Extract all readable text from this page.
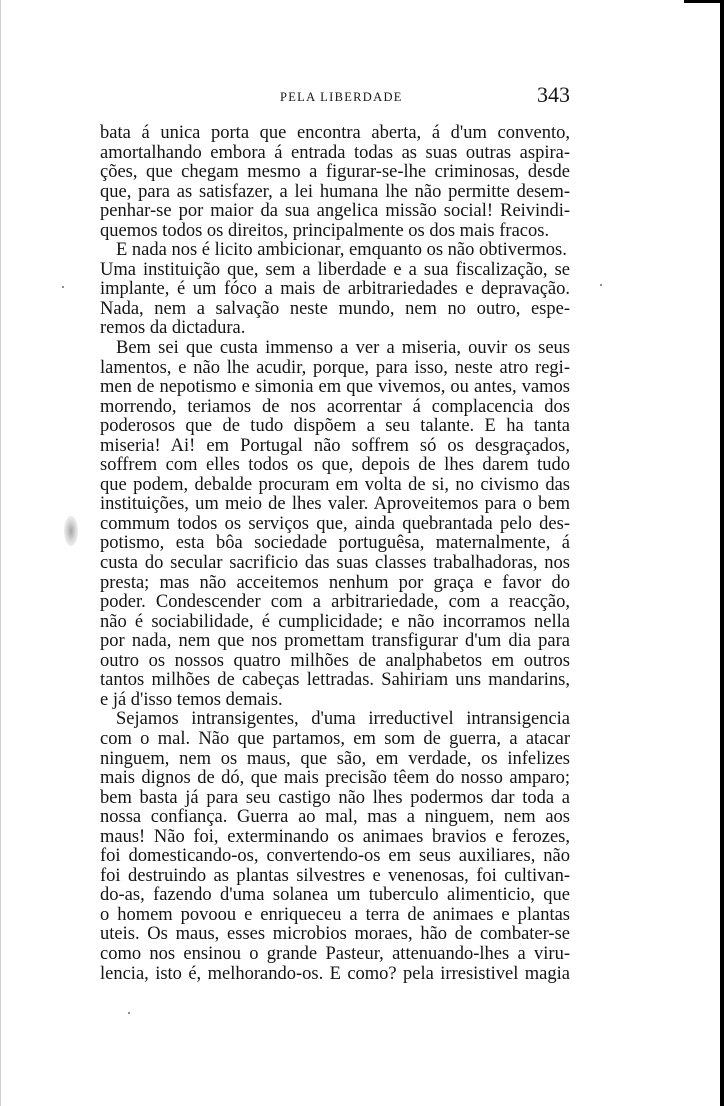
PELA LIBERDADE	343
bata á unica porta que encontra aberta, á d'um convento,
amortalhando embora á entrada todas as suas outras aspira-
ções, que chegam mesmo a figurar-se-lhe criminosas, desde
que, para as satisfazer, a lei humana lhe não permitte desem-
penhar-se por maior da sua angelica missão social! Reivindi-
quemos todos os direitos, principalmente os dos mais fracos.
E nada nos é licito ambicionar, emquanto os não obtivermos.
Uma instituição que, sem a liberdade e a sua fiscalização, se
implante, é um fóco a mais de arbitrariedades e depravação.
Nada, nem a salvação neste mundo, nem no outro, espe-
remos da dictadura.
Bem sei que custa immenso a ver a miseria, ouvir os seus
lamentos, e não lhe acudir, porque, para isso, neste atro regi-
men de nepotismo e simonia em que vivemos, ou antes, vamos
morrendo, teriamos de nos acorrentar á complacencia dos
poderosos que de tudo dispõem a seu talante. E ha tanta
miseria! Ai! em Portugal não soffrem só os desgraçados,
soffrem com elles todos os que, depois de lhes darem tudo
que podem, debalde procuram em volta de si, no civismo das
instituições, um meio de lhes valer. Aproveitemos para o bem
commum todos os serviços que, ainda quebrantada pelo des-
potismo, esta bôa sociedade portuguêsa, maternalmente, á
custa do secular sacrificio das suas classes trabalhadoras, nos
presta; mas não acceitemos nenhum por graça e favor do
poder. Condescender com a arbitrariedade, com a reacção,
não é sociabilidade, é cumplicidade; e não incorramos nella
por nada, nem que nos promettam transfigurar d'um dia para
outro os nossos quatro milhões de analphabetos em outros
tantos milhões de cabeças lettradas. Sahiriam uns mandarins,
e já d'isso temos demais.
Sejamos intransigentes, d'uma irreductivel intransigencia
com o mal. Não que partamos, em som de guerra, a atacar
ninguem, nem os maus, que são, em verdade, os infelizes
mais dignos de dó, que mais precisão têem do nosso amparo;
bem basta já para seu castigo não lhes podermos dar toda a
nossa confiança. Guerra ao mal, mas a ninguem, nem aos
maus! Não foi, exterminando os animaes bravios e ferozes,
foi domesticando-os, convertendo-os em seus auxiliares, não
foi destruindo as plantas silvestres e venenosas, foi cultivan-
do-as, fazendo d'uma solanea um tuberculo alimenticio, que
o homem povoou e enriqueceu a terra de animaes e plantas
uteis. Os maus, esses microbios moraes, hão de combater-se
como nos ensinou o grande Pasteur, attenuando-lhes a viru-
lencia, isto é, melhorando-os. E como? pela irresistivel magia
